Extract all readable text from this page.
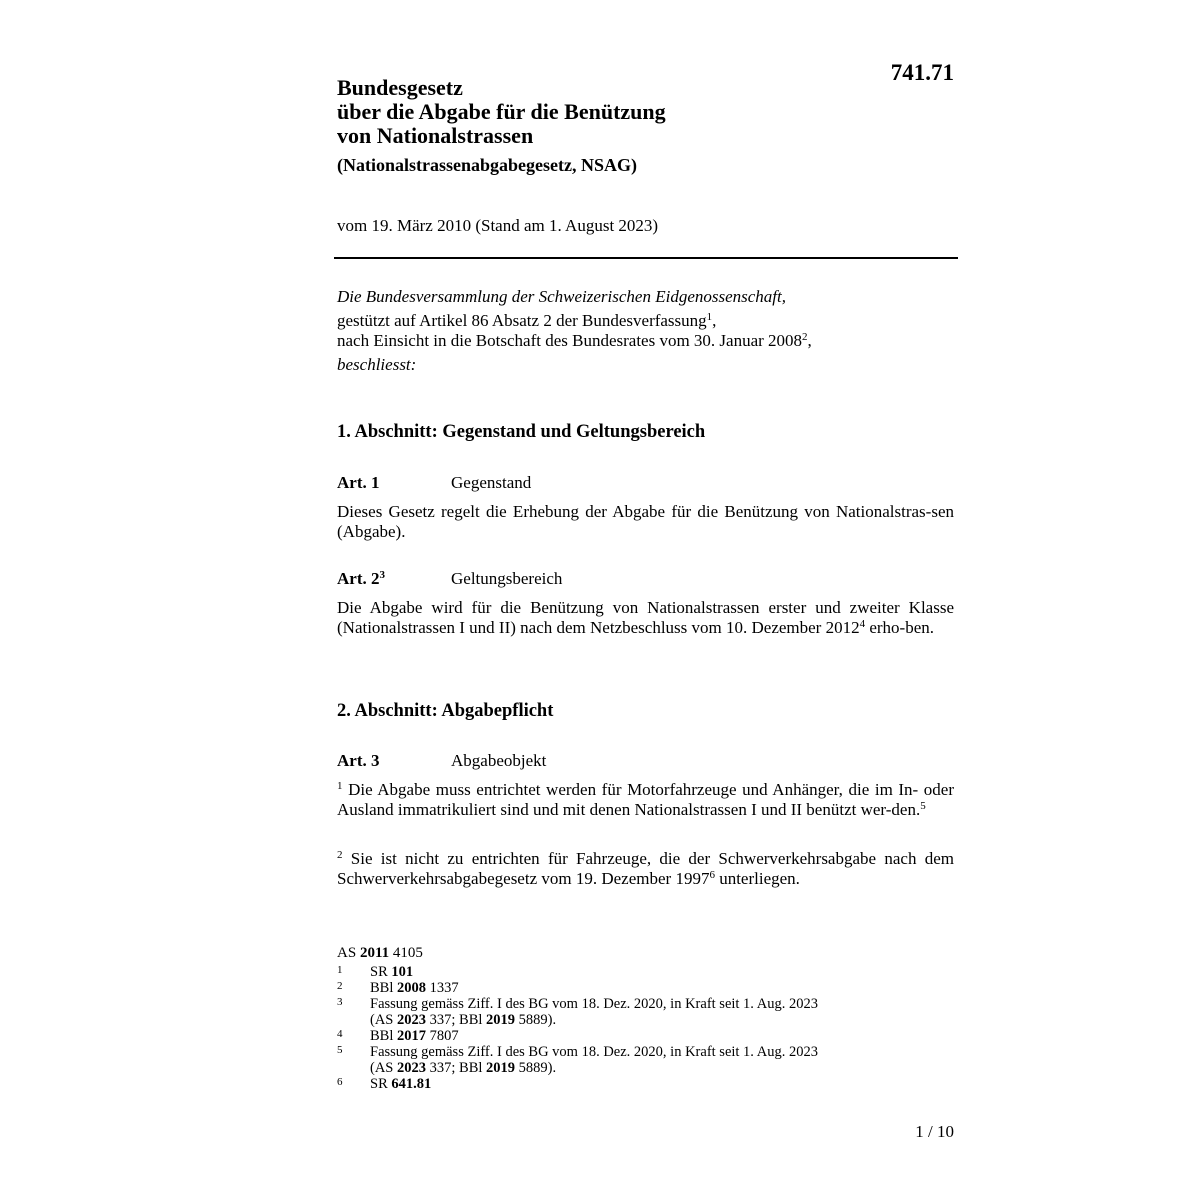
741.71
Bundesgesetz
über die Abgabe für die Benützung
von Nationalstrassen
(Nationalstrassenabgabegesetz, NSAG)
vom 19. März 2010 (Stand am 1. August 2023)
Die Bundesversammlung der Schweizerischen Eidgenossenschaft,
gestützt auf Artikel 86 Absatz 2 der Bundesverfassung$^1$,
nach Einsicht in die Botschaft des Bundesrates vom 30. Januar 2008$^2$,
beschliesst:
1. Abschnitt: Gegenstand und Geltungsbereich
Art. 1	Gegenstand
Dieses Gesetz regelt die Erhebung der Abgabe für die Benützung von Nationalstras-sen (Abgabe).
Art. $2^3$	Geltungsbereich
Die Abgabe wird für die Benützung von Nationalstrassen erster und zweiter Klasse (Nationalstrassen I und II) nach dem Netzbeschluss vom 10. Dezember 2012$^4$ erho-ben.
2. Abschnitt: Abgabepflicht
Art. 3	Abgabeobjekt
$^1$ Die Abgabe muss entrichtet werden für Motorfahrzeuge und Anhänger, die im In- oder Ausland immatrikuliert sind und mit denen Nationalstrassen I und II benützt wer-den.$^5$
$^2$ Sie ist nicht zu entrichten für Fahrzeuge, die der Schwerverkehrsabgabe nach dem Schwerverkehrsabgabegesetz vom 19. Dezember 1997$^6$ unterliegen.
AS 2011 4105
1	SR 101
2	BBl 2008 1337
3	Fassung gemäss Ziff. I des BG vom 18. Dez. 2020, in Kraft seit 1. Aug. 2023
(AS 2023 337; BBl 2019 5889).
4	BBl 2017 7807
5	Fassung gemäss Ziff. I des BG vom 18. Dez. 2020, in Kraft seit 1. Aug. 2023
(AS 2023 337; BBl 2019 5889).
6	SR 641.81
1 / 10
